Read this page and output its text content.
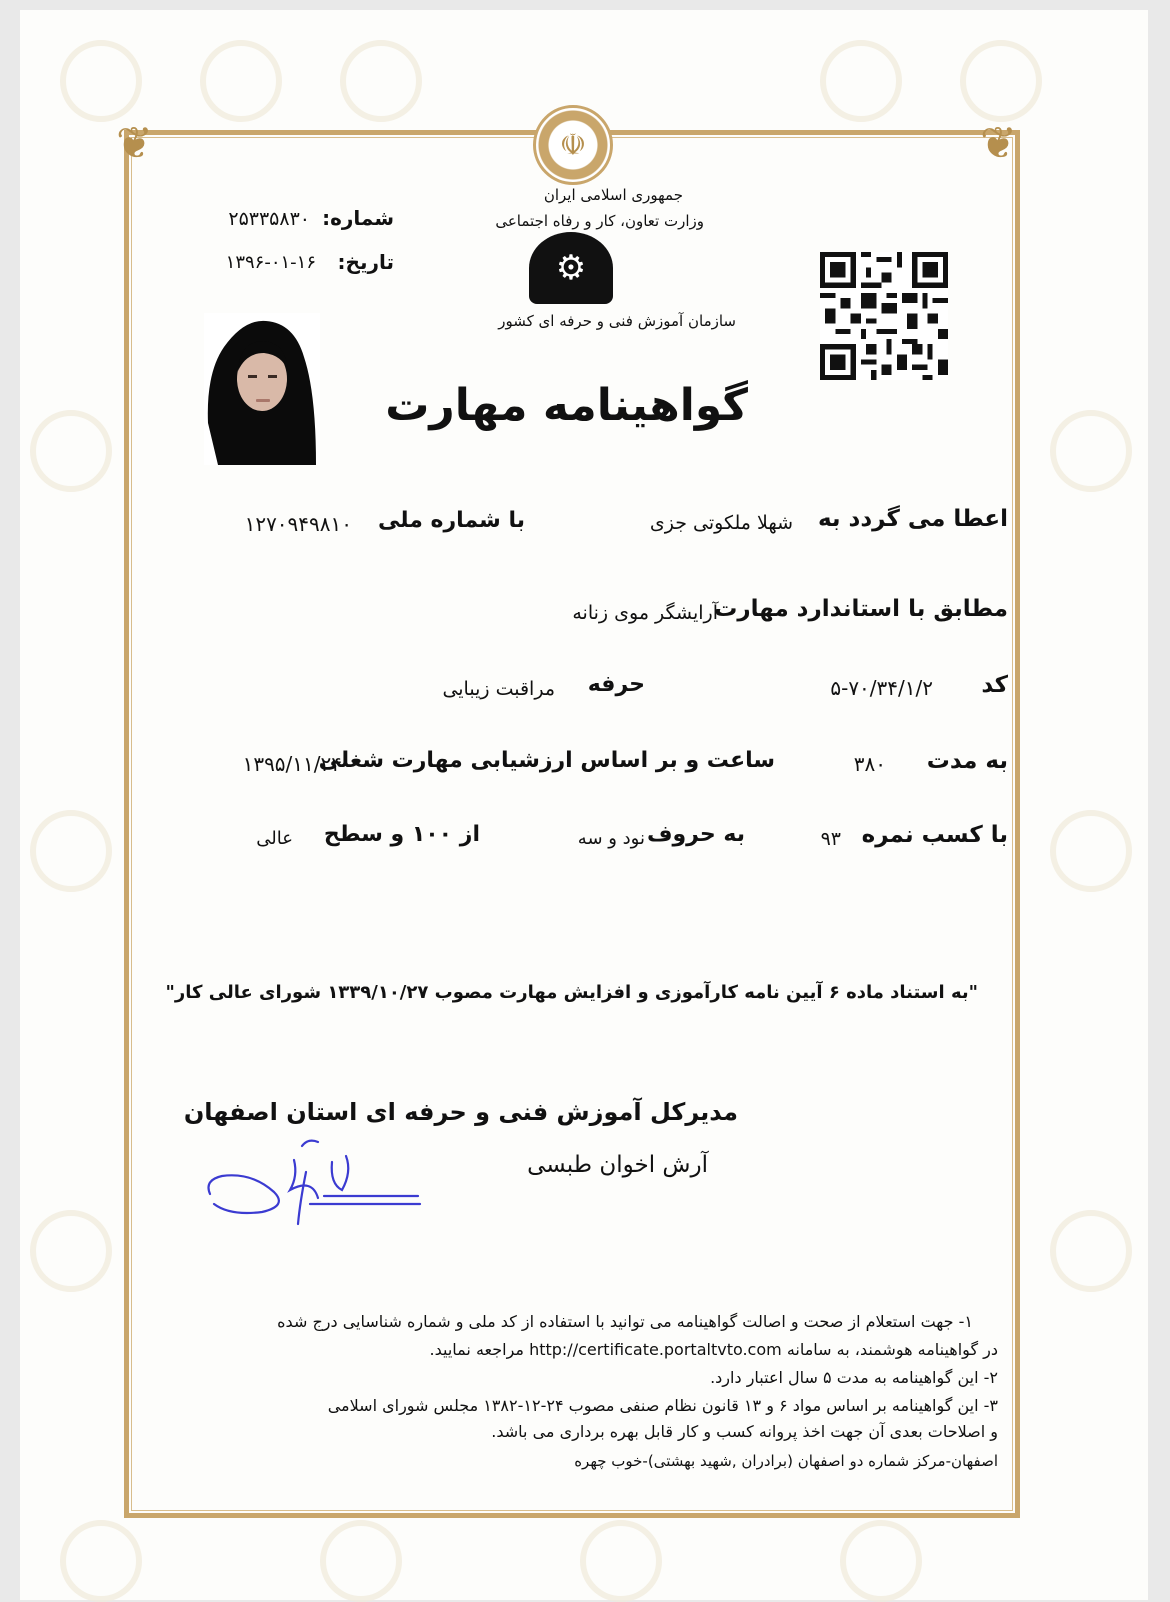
❦	❦
☫
جمهوری اسلامی ایران
وزارت تعاون، کار و رفاه اجتماعی
⚙
سازمان آموزش فنی و حرفه ای کشور
شماره:
۲۵۳۳۵۸۳۰
تاریخ:
۱۳۹۶-۰۱-۱۶
گواهینامه مهارت
اعطا می گردد به
شهلا ملکوتی جزی
با شماره ملی
۱۲۷۰۹۴۹۸۱۰
مطابق با استاندارد مهارت
آرایشگر موی زنانه
کد
۵-۷۰/۳۴/۱/۲
حرفه
مراقبت زیبایی
به مدت
۳۸۰
ساعت و بر اساس ارزشیابی مهارت شغلی
۱۳۹۵/۱۱/۲۴
با کسب نمره
۹۳
به حروف
نود و سه
از ۱۰۰ و سطح
عالی
"به استناد ماده ۶ آیین نامه کارآموزی و افزایش مهارت مصوب ۱۳۳۹/۱۰/۲۷ شورای عالی کار"
مدیرکل آموزش فنی و حرفه ای استان اصفهان
آرش اخوان طبسی
۱- جهت استعلام از صحت و اصالت گواهینامه می توانید با استفاده از کد ملی و شماره شناسایی درج شده
در گواهینامه هوشمند، به سامانه http://certificate.portaltvto.com مراجعه نمایید.
۲- این گواهینامه به مدت ۵ سال اعتبار دارد.
۳- این گواهینامه بر اساس مواد ۶ و ۱۳ قانون نظام صنفی مصوب ۲۴-۱۲-۱۳۸۲ مجلس شورای اسلامی
و اصلاحات بعدی آن جهت اخذ پروانه کسب و کار قابل بهره برداری می باشد.
اصفهان-مرکز شماره دو اصفهان (برادران ,شهید بهشتی)-خوب چهره
